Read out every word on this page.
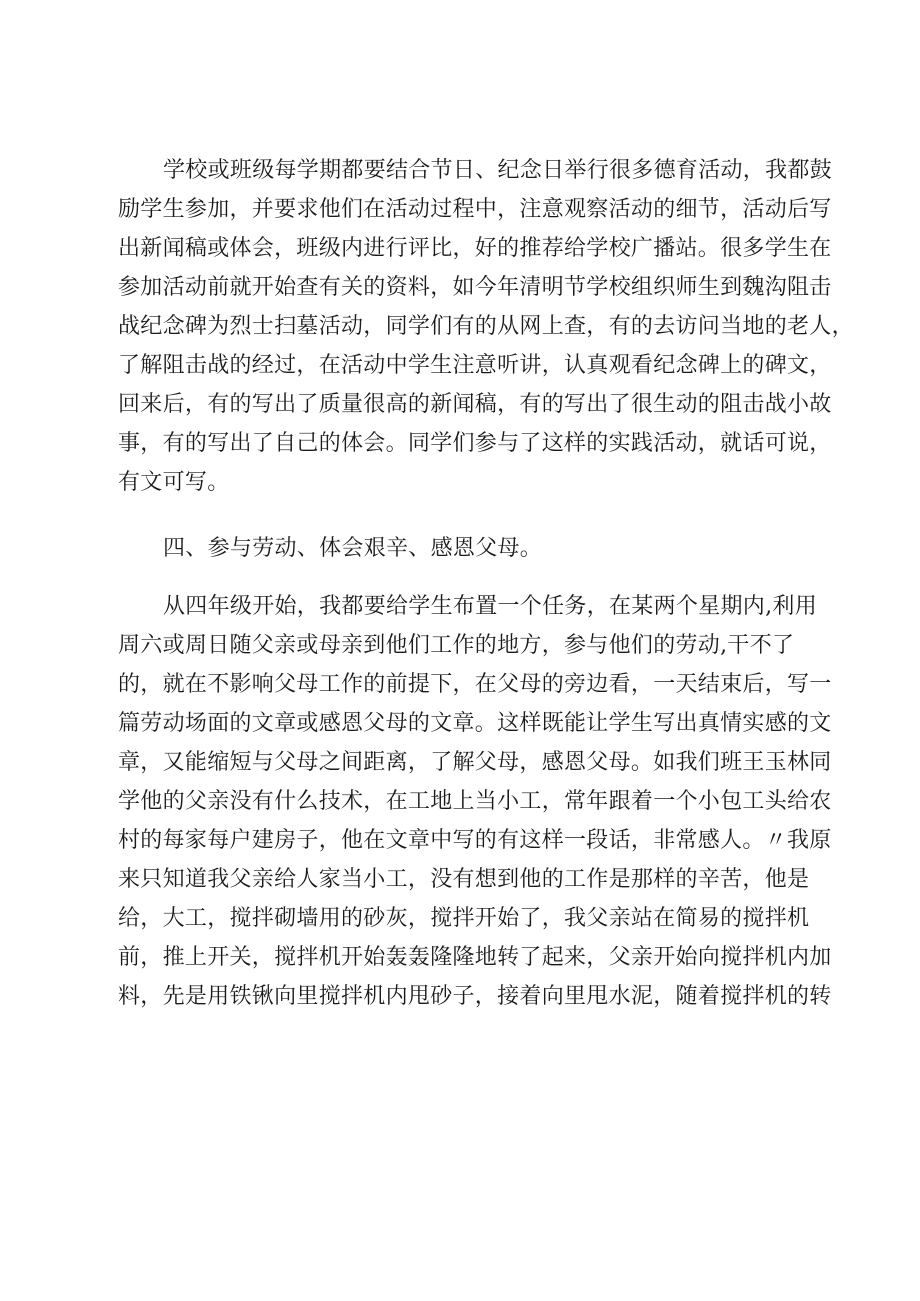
学校或班级每学期都要结合节日、纪念日举行很多德育活动，我都鼓
励学生参加，并要求他们在活动过程中，注意观察活动的细节，活动后写
出新闻稿或体会，班级内进行评比，好的推荐给学校广播站。很多学生在
参加活动前就开始查有关的资料，如今年清明节学校组织师生到魏沟阻击
战纪念碑为烈士扫墓活动，同学们有的从网上查，有的去访问当地的老人，
了解阻击战的经过，在活动中学生注意听讲，认真观看纪念碑上的碑文，
回来后，有的写出了质量很高的新闻稿，有的写出了很生动的阻击战小故
事，有的写出了自己的体会。同学们参与了这样的实践活动，就话可说，
有文可写。
四、参与劳动、体会艰辛、感恩父母。
从四年级开始，我都要给学生布置一个任务，在某两个星期内,利用
周六或周日随父亲或母亲到他们工作的地方，参与他们的劳动,干不了
的，就在不影响父母工作的前提下，在父母的旁边看，一天结束后，写一
篇劳动场面的文章或感恩父母的文章。这样既能让学生写出真情实感的文
章，又能缩短与父母之间距离，了解父母，感恩父母。如我们班王玉林同
学他的父亲没有什么技术，在工地上当小工，常年跟着一个小包工头给农
村的每家每户建房子，他在文章中写的有这样一段话，非常感人。〃我原
来只知道我父亲给人家当小工，没有想到他的工作是那样的辛苦，他是
给，大工，搅拌砌墙用的砂灰，搅拌开始了，我父亲站在简易的搅拌机
前，推上开关，搅拌机开始轰轰隆隆地转了起来，父亲开始向搅拌机内加
料，先是用铁锹向里搅拌机内甩砂子，接着向里甩水泥，随着搅拌机的转
